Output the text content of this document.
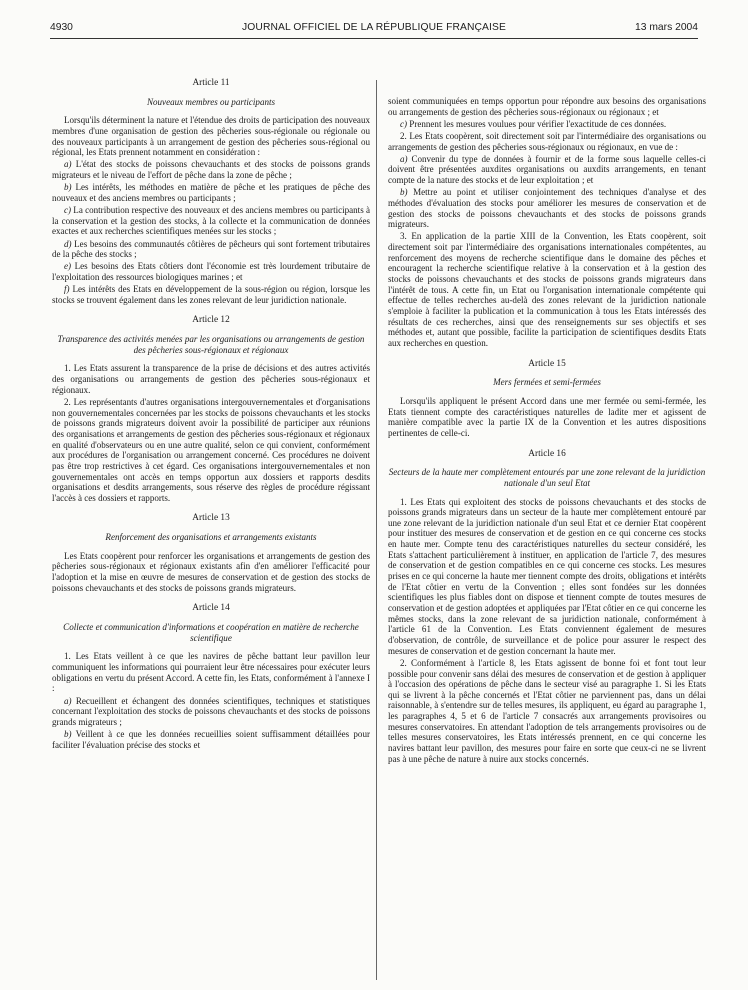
4930	JOURNAL OFFICIEL DE LA RÉPUBLIQUE FRANÇAISE	13 mars 2004
Article 11
Nouveaux membres ou participants

Lorsqu'ils déterminent la nature et l'étendue des droits de participation des nouveaux membres d'une organisation de gestion des pêcheries sous-régionale ou régionale ou des nouveaux participants à un arrangement de gestion des pêcheries sous-régional ou régional, les Etats prennent notamment en considération :

a) L'état des stocks de poissons chevauchants et des stocks de poissons grands migrateurs et le niveau de l'effort de pêche dans la zone de pêche ;

b) Les intérêts, les méthodes en matière de pêche et les pratiques de pêche des nouveaux et des anciens membres ou participants ;

c) La contribution respective des nouveaux et des anciens membres ou participants à la conservation et la gestion des stocks, à la collecte et la communication de données exactes et aux recherches scientifiques menées sur les stocks ;

d) Les besoins des communautés côtières de pêcheurs qui sont fortement tributaires de la pêche des stocks ;

e) Les besoins des Etats côtiers dont l'économie est très lourdement tributaire de l'exploitation des ressources biologiques marines ; et

f) Les intérêts des Etats en développement de la sous-région ou région, lorsque les stocks se trouvent également dans les zones relevant de leur juridiction nationale.

Article 12
Transparence des activités menées par les organisations ou arrangements de gestion des pêcheries sous-régionaux et régionaux

1. Les Etats assurent la transparence de la prise de décisions et des autres activités des organisations ou arrangements de gestion des pêcheries sous-régionaux et régionaux.

2. Les représentants d'autres organisations intergouvernementales et d'organisations non gouvernementales concernées par les stocks de poissons chevauchants et les stocks de poissons grands migrateurs doivent avoir la possibilité de participer aux réunions des organisations et arrangements de gestion des pêcheries sous-régionaux et régionaux en qualité d'observateurs ou en une autre qualité, selon ce qui convient, conformément aux procédures de l'organisation ou arrangement concerné. Ces procédures ne doivent pas être trop restrictives à cet égard. Ces organisations intergouvernementales et non gouvernementales ont accès en temps opportun aux dossiers et rapports desdits organisations et desdits arrangements, sous réserve des règles de procédure régissant l'accès à ces dossiers et rapports.

Article 13
Renforcement des organisations et arrangements existants

Les Etats coopèrent pour renforcer les organisations et arrangements de gestion des pêcheries sous-régionaux et régionaux existants afin d'en améliorer l'efficacité pour l'adoption et la mise en œuvre de mesures de conservation et de gestion des stocks de poissons chevauchants et des stocks de poissons grands migrateurs.

Article 14
Collecte et communication d'informations et coopération en matière de recherche scientifique

1. Les Etats veillent à ce que les navires de pêche battant leur pavillon leur communiquent les informations qui pourraient leur être nécessaires pour exécuter leurs obligations en vertu du présent Accord. A cette fin, les Etats, conformément à l'annexe I :

a) Recueillent et échangent des données scientifiques, techniques et statistiques concernant l'exploitation des stocks de poissons chevauchants et des stocks de poissons grands migrateurs ;

b) Veillent à ce que les données recueillies soient suffisamment détaillées pour faciliter l'évaluation précise des stocks et

soient communiquées en temps opportun pour répondre aux besoins des organisations ou arrangements de gestion des pêcheries sous-régionaux ou régionaux ; et

c) Prennent les mesures voulues pour vérifier l'exactitude de ces données.

2. Les Etats coopèrent, soit directement soit par l'intermédiaire des organisations ou arrangements de gestion des pêcheries sous-régionaux ou régionaux, en vue de :

a) Convenir du type de données à fournir et de la forme sous laquelle celles-ci doivent être présentées auxdites organisations ou auxdits arrangements, en tenant compte de la nature des stocks et de leur exploitation ; et

b) Mettre au point et utiliser conjointement des techniques d'analyse et des méthodes d'évaluation des stocks pour améliorer les mesures de conservation et de gestion des stocks de poissons chevauchants et des stocks de poissons grands migrateurs.

3. En application de la partie XIII de la Convention, les Etats coopèrent, soit directement soit par l'intermédiaire des organisations internationales compétentes, au renforcement des moyens de recherche scientifique dans le domaine des pêches et encouragent la recherche scientifique relative à la conservation et à la gestion des stocks de poissons chevauchants et des stocks de poissons grands migrateurs dans l'intérêt de tous. A cette fin, un Etat ou l'organisation internationale compétente qui effectue de telles recherches au-delà des zones relevant de la juridiction nationale s'emploie à faciliter la publication et la communication à tous les Etats intéressés des résultats de ces recherches, ainsi que des renseignements sur ses objectifs et ses méthodes et, autant que possible, facilite la participation de scientifiques desdits Etats aux recherches en question.

Article 15
Mers fermées et semi-fermées

Lorsqu'ils appliquent le présent Accord dans une mer fermée ou semi-fermée, les Etats tiennent compte des caractéristiques naturelles de ladite mer et agissent de manière compatible avec la partie IX de la Convention et les autres dispositions pertinentes de celle-ci.

Article 16
Secteurs de la haute mer complètement entourés par une zone relevant de la juridiction nationale d'un seul Etat

1. Les Etats qui exploitent des stocks de poissons chevauchants et des stocks de poissons grands migrateurs dans un secteur de la haute mer complètement entouré par une zone relevant de la juridiction nationale d'un seul Etat et ce dernier Etat coopèrent pour instituer des mesures de conservation et de gestion en ce qui concerne ces stocks en haute mer. Compte tenu des caractéristiques naturelles du secteur considéré, les Etats s'attachent particulièrement à instituer, en application de l'article 7, des mesures de conservation et de gestion compatibles en ce qui concerne ces stocks. Les mesures prises en ce qui concerne la haute mer tiennent compte des droits, obligations et intérêts de l'Etat côtier en vertu de la Convention ; elles sont fondées sur les données scientifiques les plus fiables dont on dispose et tiennent compte de toutes mesures de conservation et de gestion adoptées et appliquées par l'Etat côtier en ce qui concerne les mêmes stocks, dans la zone relevant de sa juridiction nationale, conformément à l'article 61 de la Convention. Les Etats conviennent également de mesures d'observation, de contrôle, de surveillance et de police pour assurer le respect des mesures de conservation et de gestion concernant la haute mer.

2. Conformément à l'article 8, les Etats agissent de bonne foi et font tout leur possible pour convenir sans délai des mesures de conservation et de gestion à appliquer à l'occasion des opérations de pêche dans le secteur visé au paragraphe 1. Si les Etats qui se livrent à la pêche concernés et l'Etat côtier ne parviennent pas, dans un délai raisonnable, à s'entendre sur de telles mesures, ils appliquent, eu égard au paragraphe 1, les paragraphes 4, 5 et 6 de l'article 7 consacrés aux arrangements provisoires ou mesures conservatoires. En attendant l'adoption de tels arrangements provisoires ou de telles mesures conservatoires, les Etats intéressés prennent, en ce qui concerne les navires battant leur pavillon, des mesures pour faire en sorte que ceux-ci ne se livrent pas à une pêche de nature à nuire aux stocks concernés.
